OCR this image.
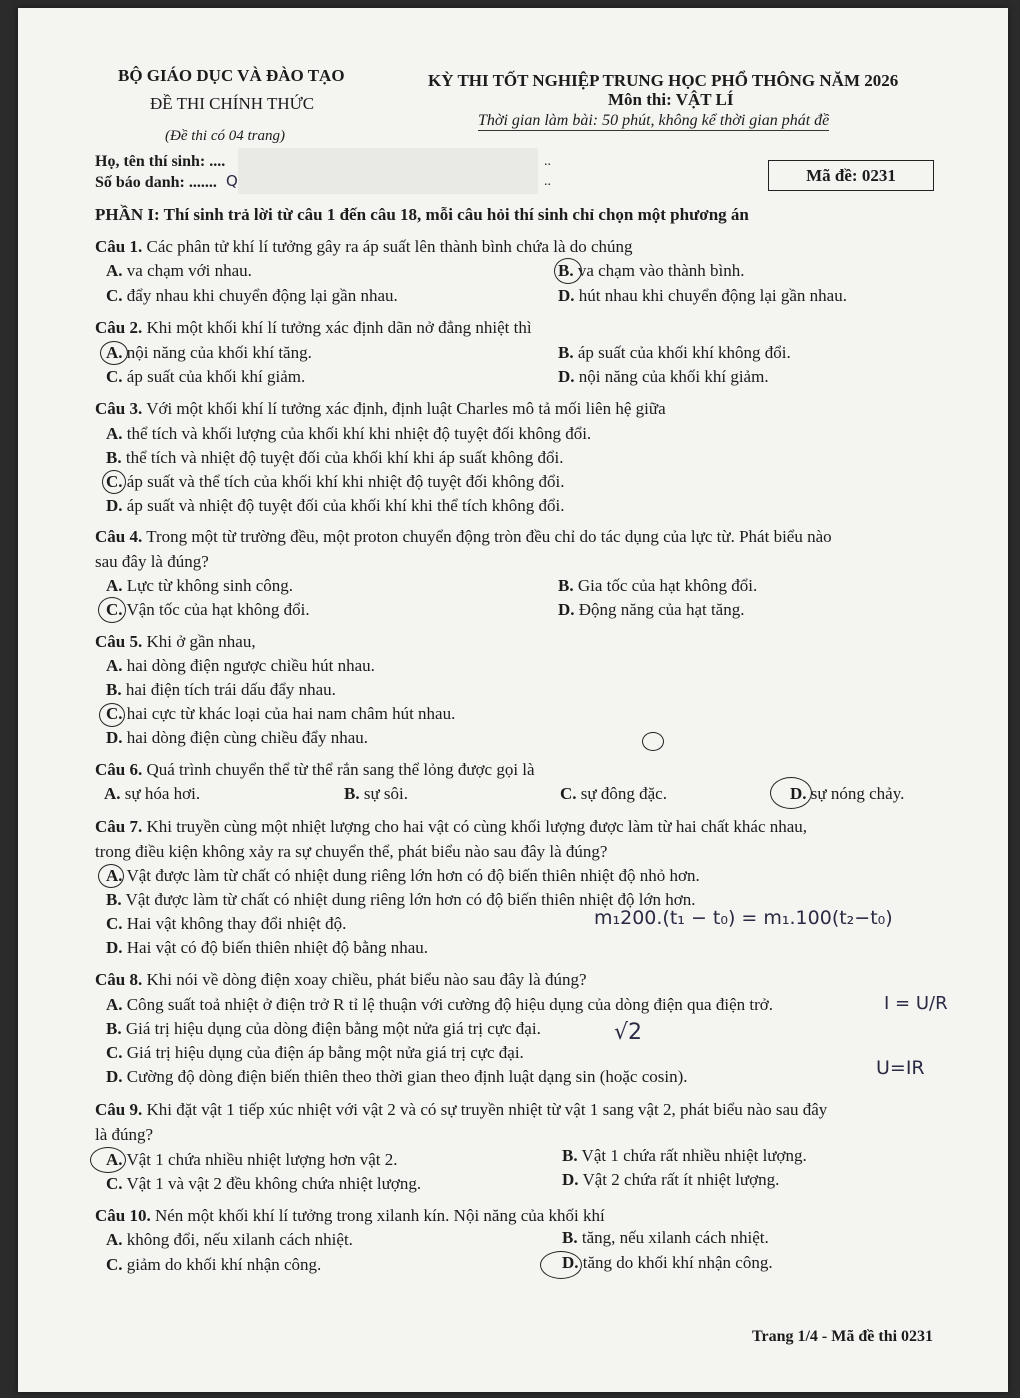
BỘ GIÁO DỤC VÀ ĐÀO TẠO
ĐỀ THI CHÍNH THỨC
(Đề thi có 04 trang)
KỲ THI TỐT NGHIỆP TRUNG HỌC PHỔ THÔNG NĂM 2026
Môn thi: VẬT LÍ
Thời gian làm bài: 50 phút, không kể thời gian phát đề
Họ, tên thí sinh: ....
Số báo danh: ....... Q
..
..	Mã đề: 0231
PHẦN I: Thí sinh trả lời từ câu 1 đến câu 18, mỗi câu hỏi thí sinh chỉ chọn một phương án
Câu 1. Các phân tử khí lí tưởng gây ra áp suất lên thành bình chứa là do chúng
A. va chạm với nhau.	B. va chạm vào thành bình.
C. đẩy nhau khi chuyển động lại gần nhau.	D. hút nhau khi chuyển động lại gần nhau.
Câu 2. Khi một khối khí lí tưởng xác định dãn nở đẳng nhiệt thì
A. nội năng của khối khí tăng.	B. áp suất của khối khí không đổi.
C. áp suất của khối khí giảm.	D. nội năng của khối khí giảm.
Câu 3. Với một khối khí lí tưởng xác định, định luật Charles mô tả mối liên hệ giữa
A. thể tích và khối lượng của khối khí khi nhiệt độ tuyệt đối không đổi.
B. thể tích và nhiệt độ tuyệt đối của khối khí khi áp suất không đổi.
C. áp suất và thể tích của khối khí khi nhiệt độ tuyệt đối không đổi.
D. áp suất và nhiệt độ tuyệt đối của khối khí khi thể tích không đổi.
Câu 4. Trong một từ trường đều, một proton chuyển động tròn đều chỉ do tác dụng của lực từ. Phát biểu nào
sau đây là đúng?
A. Lực từ không sinh công.	B. Gia tốc của hạt không đổi.
C. Vận tốc của hạt không đổi.	D. Động năng của hạt tăng.
Câu 5. Khi ở gần nhau,
A. hai dòng điện ngược chiều hút nhau.
B. hai điện tích trái dấu đẩy nhau.
C. hai cực từ khác loại của hai nam châm hút nhau.
D. hai dòng điện cùng chiều đẩy nhau.
Câu 6. Quá trình chuyển thể từ thể rắn sang thể lỏng được gọi là
A. sự hóa hơi.	B. sự sôi.	C. sự đông đặc.	D. sự nóng chảy.
Câu 7. Khi truyền cùng một nhiệt lượng cho hai vật có cùng khối lượng được làm từ hai chất khác nhau,
trong điều kiện không xảy ra sự chuyển thể, phát biểu nào sau đây là đúng?
A. Vật được làm từ chất có nhiệt dung riêng lớn hơn có độ biến thiên nhiệt độ nhỏ hơn.
B. Vật được làm từ chất có nhiệt dung riêng lớn hơn có độ biến thiên nhiệt độ lớn hơn.
C. Hai vật không thay đổi nhiệt độ.
D. Hai vật có độ biến thiên nhiệt độ bằng nhau.
m₁200.(t₁ − t₀) = m₁.100(t₂−t₀)
Câu 8. Khi nói về dòng điện xoay chiều, phát biểu nào sau đây là đúng?
A. Công suất toả nhiệt ở điện trở R tỉ lệ thuận với cường độ hiệu dụng của dòng điện qua điện trở.
B. Giá trị hiệu dụng của dòng điện bằng một nửa giá trị cực đại.
C. Giá trị hiệu dụng của điện áp bằng một nửa giá trị cực đại.
D. Cường độ dòng điện biến thiên theo thời gian theo định luật dạng sin (hoặc cosin).
I = U/R
√2
U=IR
Câu 9. Khi đặt vật 1 tiếp xúc nhiệt với vật 2 và có sự truyền nhiệt từ vật 1 sang vật 2, phát biểu nào sau đây
là đúng?
A. Vật 1 chứa nhiều nhiệt lượng hơn vật 2.	B. Vật 1 chứa rất nhiều nhiệt lượng.
C. Vật 1 và vật 2 đều không chứa nhiệt lượng.	D. Vật 2 chứa rất ít nhiệt lượng.
Câu 10. Nén một khối khí lí tưởng trong xilanh kín. Nội năng của khối khí
A. không đổi, nếu xilanh cách nhiệt.	B. tăng, nếu xilanh cách nhiệt.
C. giảm do khối khí nhận công.	D. tăng do khối khí nhận công.
Trang 1/4 - Mã đề thi 0231
